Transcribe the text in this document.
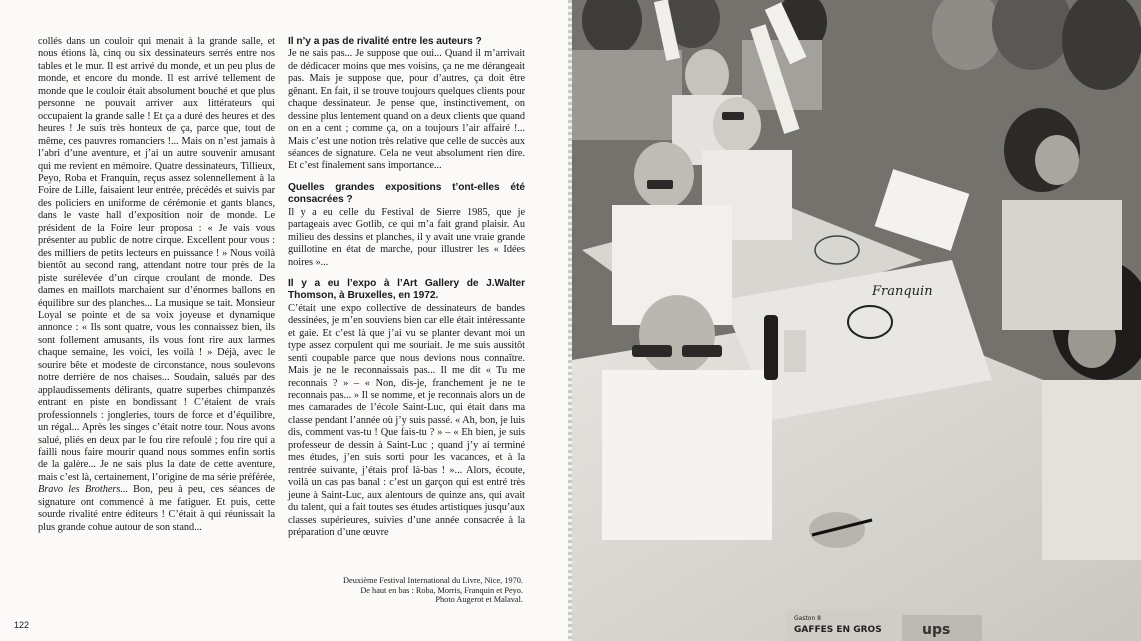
collés dans un couloir qui menait à la grande salle, et nous étions là, cinq ou six dessinateurs serrés entre nos tables et le mur. Il est arrivé du monde, et un peu plus de monde, et encore du monde. Il est arrivé tellement de monde que le couloir était absolument bouché et que plus personne ne pouvait arriver aux littérateurs qui occupaient la grande salle ! Et ça a duré des heures et des heures ! Je suis très honteux de ça, parce que, tout de même, ces pauvres romanciers !... Mais on n’est jamais à l’abri d’une aventure, et j’ai un autre souvenir amusant qui me revient en mémoire. Quatre dessinateurs, Tillieux, Peyo, Roba et Franquin, reçus assez solennellement à la Foire de Lille, faisaient leur entrée, précédés et suivis par des policiers en uniforme de cérémonie et gants blancs, dans le vaste hall d’exposition noir de monde. Le président de la Foire leur proposa : « Je vais vous présenter au public de notre cirque. Excellent pour vous : des milliers de petits lecteurs en puissance ! » Nous voilà bientôt au second rang, attendant notre tour près de la piste surélevée d’un cirque croulant de monde. Des dames en maillots marchaient sur d’énormes ballons en équilibre sur des planches... La musique se tait. Monsieur Loyal se pointe et de sa voix joyeuse et dynamique annonce : « Ils sont quatre, vous les connaissez bien, ils sont follement amusants, ils vous font rire aux larmes chaque semaine, les voici, les voilà ! » Déjà, avec le sourire bête et modeste de circonstance, nous soulevons notre derrière de nos chaises... Soudain, salués par des applaudissements délirants, quatre superbes chimpanzés entrant en piste en bondissant ! C’étaient de vrais professionnels : jongleries, tours de force et d’équilibre, un régal... Après les singes c’était notre tour. Nous avons salué, pliés en deux par le fou rire refoulé ; fou rire qui a failli nous faire mourir quand nous sommes enfin sortis de la galère... Je ne sais plus la date de cette aventure, mais c’est là, certainement, l’origine de ma série préférée, Bravo les Brothers... Bon, peu à peu, ces séances de signature ont commencé à me fatiguer. Et puis, cette sourde rivalité entre éditeurs ! C’était à qui réunissait la plus grande cohue autour de son stand...

Il n’y a pas de rivalité entre les auteurs ?

Je ne sais pas... Je suppose que oui... Quand il m’arrivait de dédicacer moins que mes voisins, ça ne me dérangeait pas. Mais je suppose que, pour d’autres, ça doit être gênant. En fait, il se trouve toujours quelques clients pour chaque dessinateur. Je pense que, instinctivement, on dessine plus lentement quand on a deux clients que quand on en a cent ; comme ça, on a toujours l’air affairé !... Mais c’est une notion très relative que celle de succès aux séances de signature. Cela ne veut absolument rien dire. Et c’est finalement sans importance...

Quelles grandes expositions t’ont-elles été consacrées ?

Il y a eu celle du Festival de Sierre 1985, que je partageais avec Gotlib, ce qui m’a fait grand plaisir. Au milieu des dessins et planches, il y avait une vraie grande guillotine en état de marche, pour illustrer les « Idées noires »...

Il y a eu l’expo à l’Art Gallery de J.Walter Thomson, à Bruxelles, en 1972.

C’était une expo collective de dessinateurs de bandes dessinées, je m’en souviens bien car elle était intéressante et gaie. Et c’est là que j’ai vu se planter devant moi un type assez corpulent qui me souriait. Je me suis aussitôt senti coupable parce que nous devions nous connaître. Mais je ne le reconnaissais pas... Il me dit « Tu me reconnais ? » – « Non, dis-je, franchement je ne te reconnais pas... » Il se nomme, et je reconnais alors un de mes camarades de l’école Saint-Luc, qui était dans ma classe pendant l’année où j’y suis passé. « Ah, bon, je luis dis, comment vas-tu ! Que fais-tu ? » – « Eh bien, je suis professeur de dessin à Saint-Luc ; quand j’y ai terminé mes études, j’en suis sorti pour les vacances, et à la rentrée suivante, j’étais prof là-bas ! »... Alors, écoute, voilà un cas pas banal : c’est un garçon qui est entré très jeune à Saint-Luc, aux alentours de quinze ans, qui avait du talent, qui a fait toutes ses études artistiques jusqu’aux classes supérieures, suivies d’une année consacrée à la préparation d’une œuvre

Deuxième Festival International du Livre, Nice, 1970.
De haut en bas : Roba, Morris, Franquin et Peyo.
Photo Augerot et Malaval.
122
Franquin
Gaston 8
GAFFES EN GROS	ups
